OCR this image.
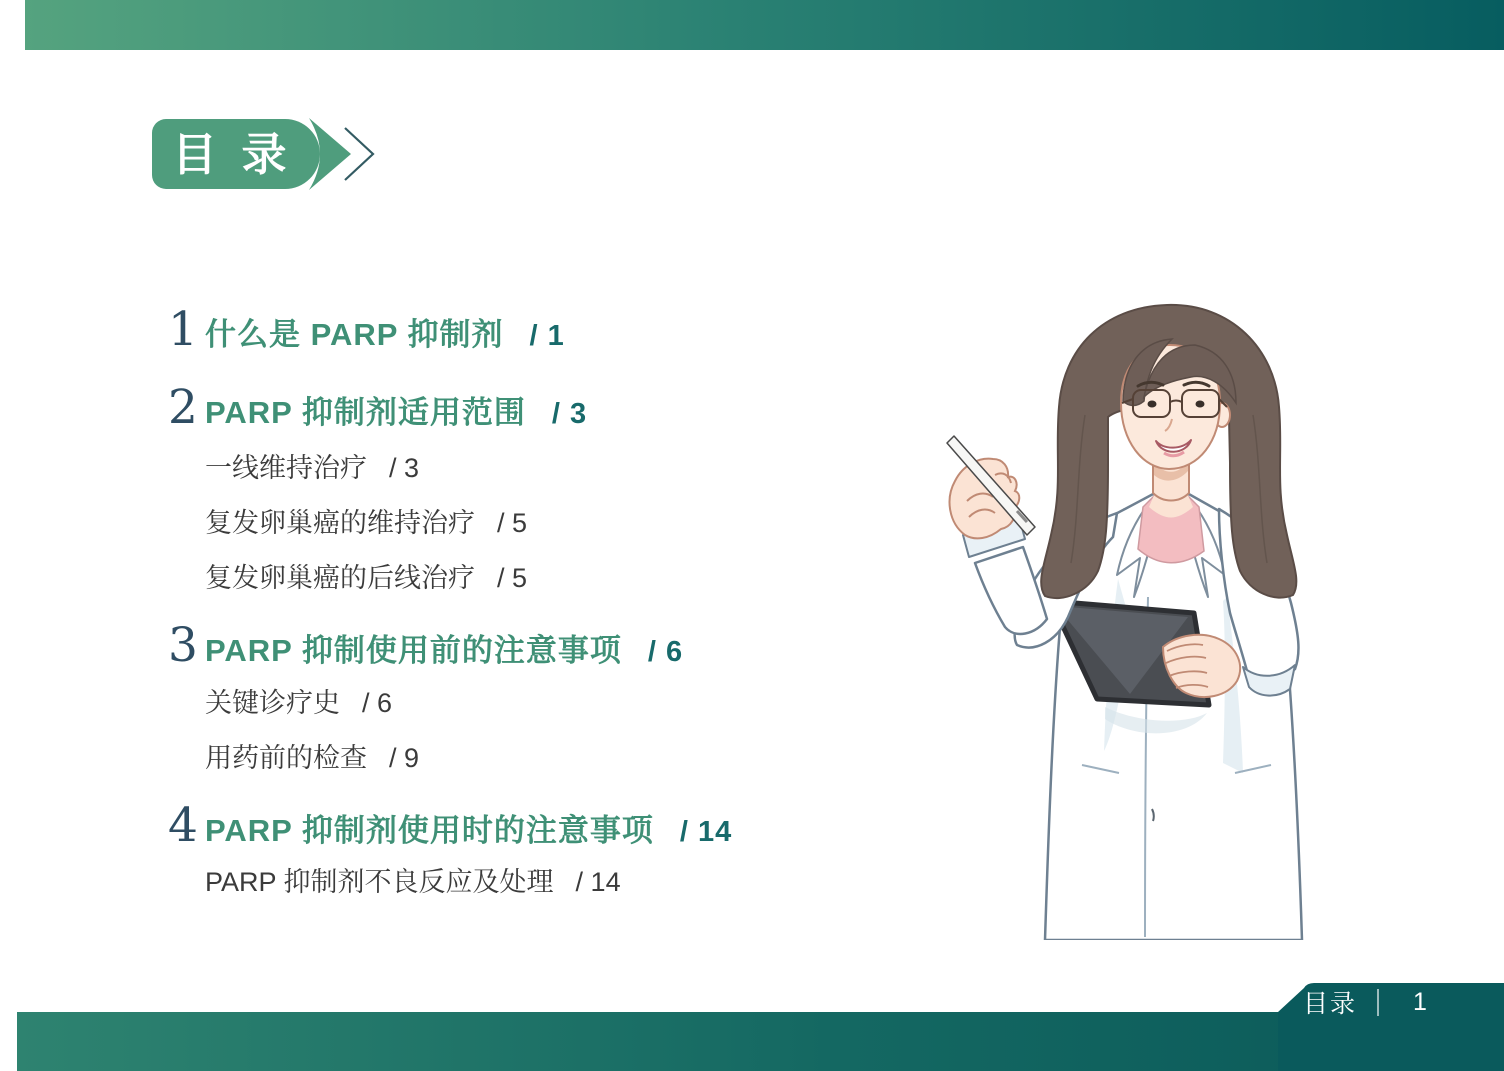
目 录
1 什么是 PARP 抑制剂 / 1
2 PARP 抑制剂适用范围 / 3
一线维持治疗 / 3
复发卵巢癌的维持治疗 / 5
复发卵巢癌的后线治疗 / 5
3 PARP 抑制使用前的注意事项 / 6
关键诊疗史 / 6
用药前的检查 / 9
4 PARP 抑制剂使用时的注意事项 / 14
PARP 抑制剂不良反应及处理 / 14
目录 1
